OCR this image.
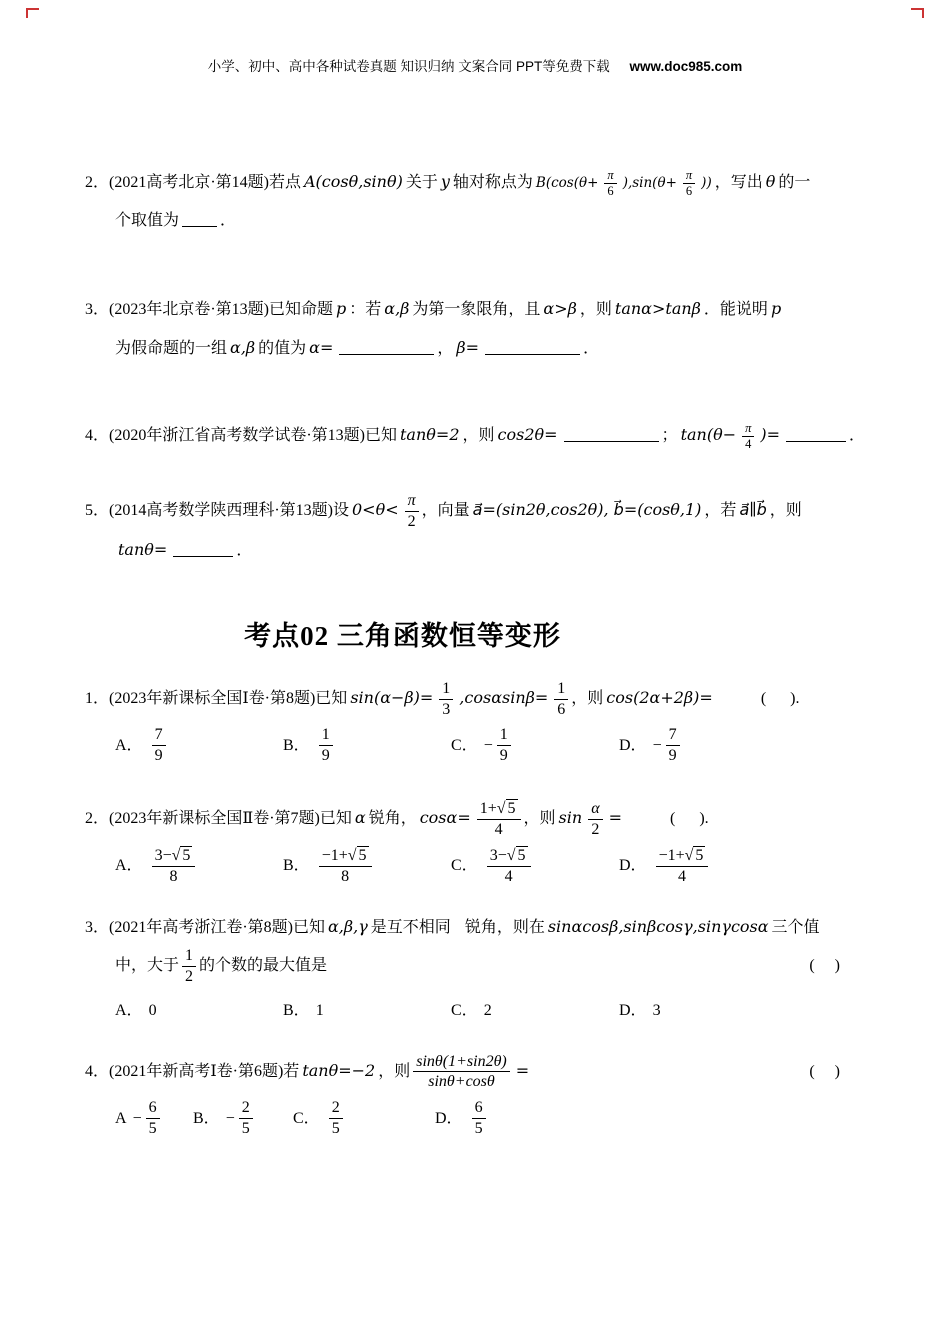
小学、初中、高中各种试卷真题 知识归纳 文案合同 PPT等免费下载 www.doc985.com
2．(2021高考北京·第14题)若点 A(cosθ,sinθ) 关于 y 轴对称点为 $B(\cos(\theta+ \frac{\pi}{6} ),\sin(\theta+ \frac{\pi}{6}$ )) ，写出 θ 的一
个取值为	．
3．(2023年北京卷·第13题)已知命题 p ：若 α,β 为第一象限角，且 α>β ，则 tanα>tanβ ．能说明 p
为假命题的一组 α,β 的值为 α=	， β=	．
4．(2020年浙江省高考数学试卷·第13题)已知 tanθ=2 ，则 cos2θ=	； $\tan(\theta- \frac{\pi}{4}$ )=	．
5．(2014高考数学陕西理科·第13题)设 $0<\theta< \frac{\pi}{2}$ ，向量 a⃗=(sin2θ,cos2θ), b⃗=(cosθ,1) ，若 a⃗∥b⃗ ，则
tanθ=	．
考点02 三角函数恒等变形
1．(2023年新课标全国Ⅰ卷·第8题)已知 $\sin(\alpha-\beta)= \frac{1}{3} ,\cos\alpha\sin\beta= \frac{1}{6}$ ，则 cos(2α+2β)=	(      ).
A． $\frac{7}{9}$	B． $\frac{1}{9}$	C． − $\frac{1}{9}$	D． − $\frac{7}{9}$
2．(2023年新课标全国Ⅱ卷·第7题)已知 α 锐角， $\cos\alpha= \frac{1+√ 5}{4}$ ，则 $\sin \frac{\alpha}{2}$ =	(      ).
A． $\frac{3-√ 5}{8}$	B． $\frac{-1+√ 5}{8}$	C． $\frac{3-√ 5}{4}$	D． $\frac{-1+√ 5}{4}$
3．(2021年高考浙江卷·第8题)已知 α,β,γ 是互不相同 锐角，则在 sinαcosβ,sinβcosγ,sinγcosα 三个值
中，大于 $\frac{1}{2}$ 的个数的最大值是	(     )
A． 0	B． 1	C． 2	D． 3
4．(2021年新高考Ⅰ卷·第6题)若 tanθ=−2 ，则 $\frac{\sin\theta(1+\sin 2\theta)}{\sin\theta+\cos\theta}$ =	(     )
$A - \frac{6}{5}$ B． − $\frac{2}{5}$	C． $\frac{2}{5}$	D． $\frac{6}{5}$
